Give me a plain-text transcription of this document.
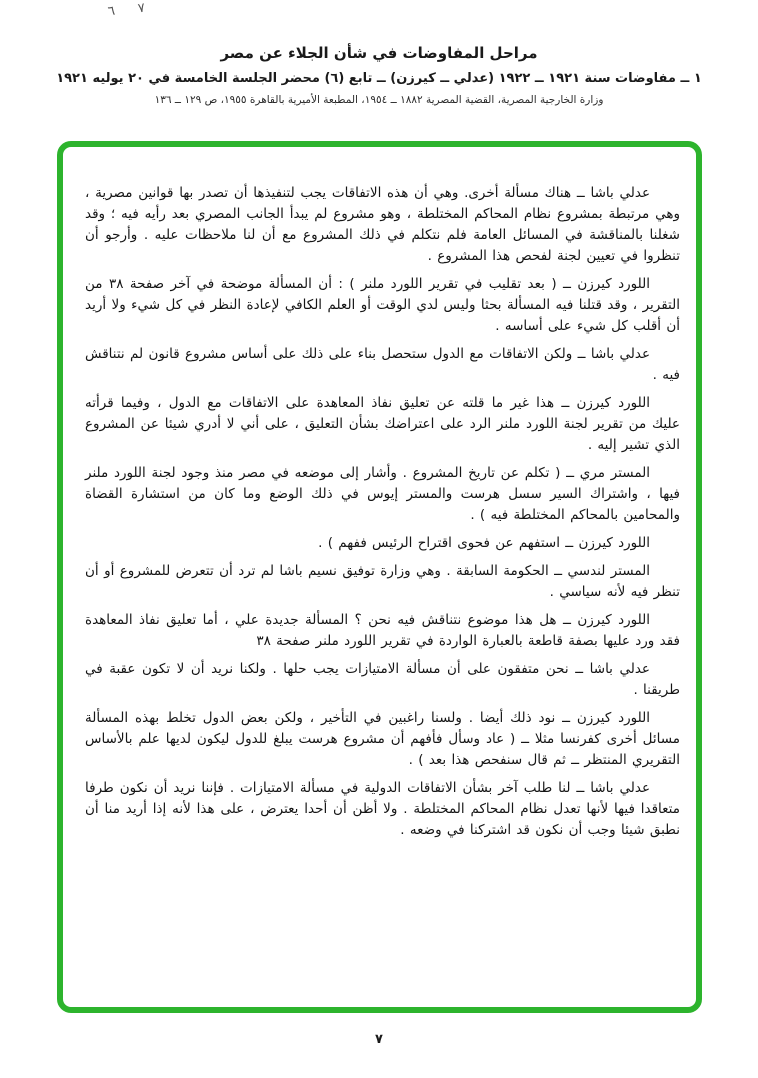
٦ ٧
مراحل المفاوضات في شأن الجلاء عن مصر
١ ــ مفاوضات سنة ١٩٢١ ــ ١٩٢٢ (عدلي ــ كيرزن) ــ تابع (٦) محضر الجلسة الخامسة في ٢٠ يوليه ١٩٢١
وزارة الخارجية المصرية، القضية المصرية ١٨٨٢ ــ ١٩٥٤، المطبعة الأميرية بالقاهرة ١٩٥٥، ص ١٢٩ ــ ١٣٦

عدلي باشا ــ هناك مسألة أخرى. وهي أن هذه الاتفاقات يجب لتنفيذها أن تصدر بها قوانين مصرية ، وهي مرتبطة بمشروع نظام المحاكم المختلطة ، وهو مشروع لم يبدأ الجانب المصري بعد رأيه فيه ؛ وقد شغلنا بالمناقشة في المسائل العامة فلم نتكلم في ذلك المشروع مع أن لنا ملاحظات عليه . وأرجو أن تنظروا في تعيين لجنة لفحص هذا المشروع .

اللورد كيرزن ــ ( بعد تقليب في تقرير اللورد ملنر ) : أن المسألة موضحة في آخر صفحة ٣٨ من التقرير ، وقد قتلنا فيه المسألة بحثا وليس لدي الوقت أو العلم الكافي لإعادة النظر في كل شيء ولا أريد أن أقلب كل شيء على أساسه .

عدلي باشا ــ ولكن الاتفاقات مع الدول ستحصل بناء على ذلك على أساس مشروع قانون لم نتناقش فيه .

اللورد كيرزن ــ هذا غير ما قلته عن تعليق نفاذ المعاهدة على الاتفاقات مع الدول ، وفيما قرأته عليك من تقرير لجنة اللورد ملنر الرد على اعتراضك بشأن التعليق ، على أني لا أدري شيئا عن المشروع الذي تشير إليه .

المستر مري ــ ( تكلم عن تاريخ المشروع . وأشار إلى موضعه في مصر منذ وجود لجنة اللورد ملنر فيها ، واشتراك السير سسل هرست والمستر إيوس في ذلك الوضع وما كان من استشارة القضاة والمحامين بالمحاكم المختلطة فيه ) .

اللورد كيرزن ــ استفهم عن فحوى اقتراح الرئيس ففهم ) .

المستر لندسي ــ الحكومة السابقة . وهي وزارة توفيق نسيم باشا لم ترد أن تتعرض للمشروع أو أن تنظر فيه لأنه سياسي .

اللورد كيرزن ــ هل هذا موضوع نتناقش فيه نحن ؟ المسألة جديدة علي ، أما تعليق نفاذ المعاهدة فقد ورد عليها بصفة قاطعة بالعبارة الواردة في تقرير اللورد ملنر صفحة ٣٨

عدلي باشا ــ نحن متفقون على أن مسألة الامتيازات يجب حلها . ولكنا نريد أن لا تكون عقبة في طريقنا .

اللورد كيرزن ــ نود ذلك أيضا . ولسنا راغبين في التأخير ، ولكن بعض الدول تخلط بهذه المسألة مسائل أخرى كفرنسا مثلا ــ ( عاد وسأل فأفهم أن مشروع هرست يبلغ للدول ليكون لديها علم بالأساس التقريري المنتظر ــ ثم قال سنفحص هذا بعد ) .

عدلي باشا ــ لنا طلب آخر بشأن الاتفاقات الدولية في مسألة الامتيازات . فإننا نريد أن نكون طرفا متعاقدا فيها لأنها تعدل نظام المحاكم المختلطة . ولا أظن أن أحدا يعترض ، على هذا لأنه إذا أريد منا أن نطبق شيئا وجب أن نكون قد اشتركنا في وضعه .

٧
